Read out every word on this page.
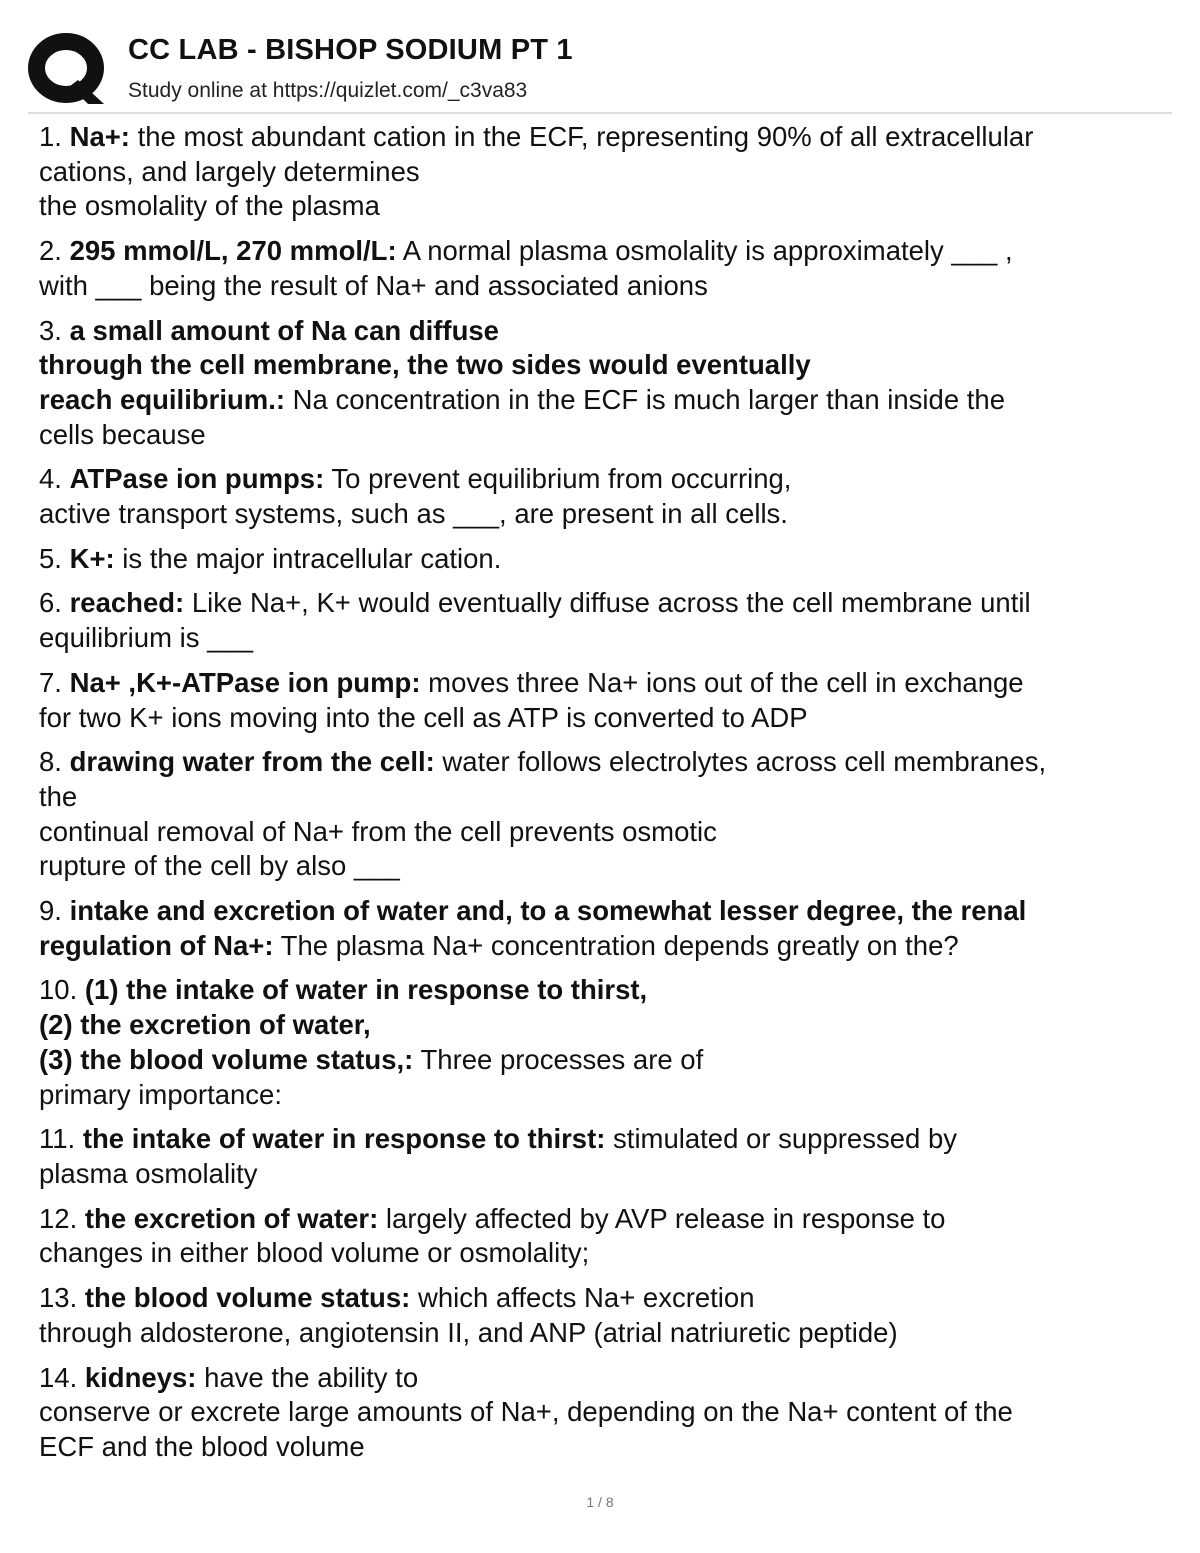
CC LAB - BISHOP SODIUM PT 1
Study online at https://quizlet.com/_c3va83
1. Na+: the most abundant cation in the ECF, representing 90% of all extracellular
cations, and largely determines
the osmolality of the plasma
2. 295 mmol/L, 270 mmol/L: A normal plasma osmolality is approximately ___ ,
with ___ being the result of Na+ and associated anions
3. a small amount of Na can diffuse
through the cell membrane, the two sides would eventually
reach equilibrium.: Na concentration in the ECF is much larger than inside the
cells because
4. ATPase ion pumps: To prevent equilibrium from occurring,
active transport systems, such as ___, are present in all cells.
5. K+: is the major intracellular cation.
6. reached: Like Na+, K+ would eventually diffuse across the cell membrane until
equilibrium is ___
7. Na+ ,K+-ATPase ion pump: moves three Na+ ions out of the cell in exchange
for two K+ ions moving into the cell as ATP is converted to ADP
8. drawing water from the cell: water follows electrolytes across cell membranes,
the
continual removal of Na+ from the cell prevents osmotic
rupture of the cell by also ___
9. intake and excretion of water and, to a somewhat lesser degree, the renal
regulation of Na+: The plasma Na+ concentration depends greatly on the?
10. (1) the intake of water in response to thirst,
(2) the excretion of water,
(3) the blood volume status,: Three processes are of
primary importance:
11. the intake of water in response to thirst: stimulated or suppressed by
plasma osmolality
12. the excretion of water: largely affected by AVP release in response to
changes in either blood volume or osmolality;
13. the blood volume status: which affects Na+ excretion
through aldosterone, angiotensin II, and ANP (atrial natriuretic peptide)
14. kidneys: have the ability to
conserve or excrete large amounts of Na+, depending on the Na+ content of the
ECF and the blood volume
1 / 8
